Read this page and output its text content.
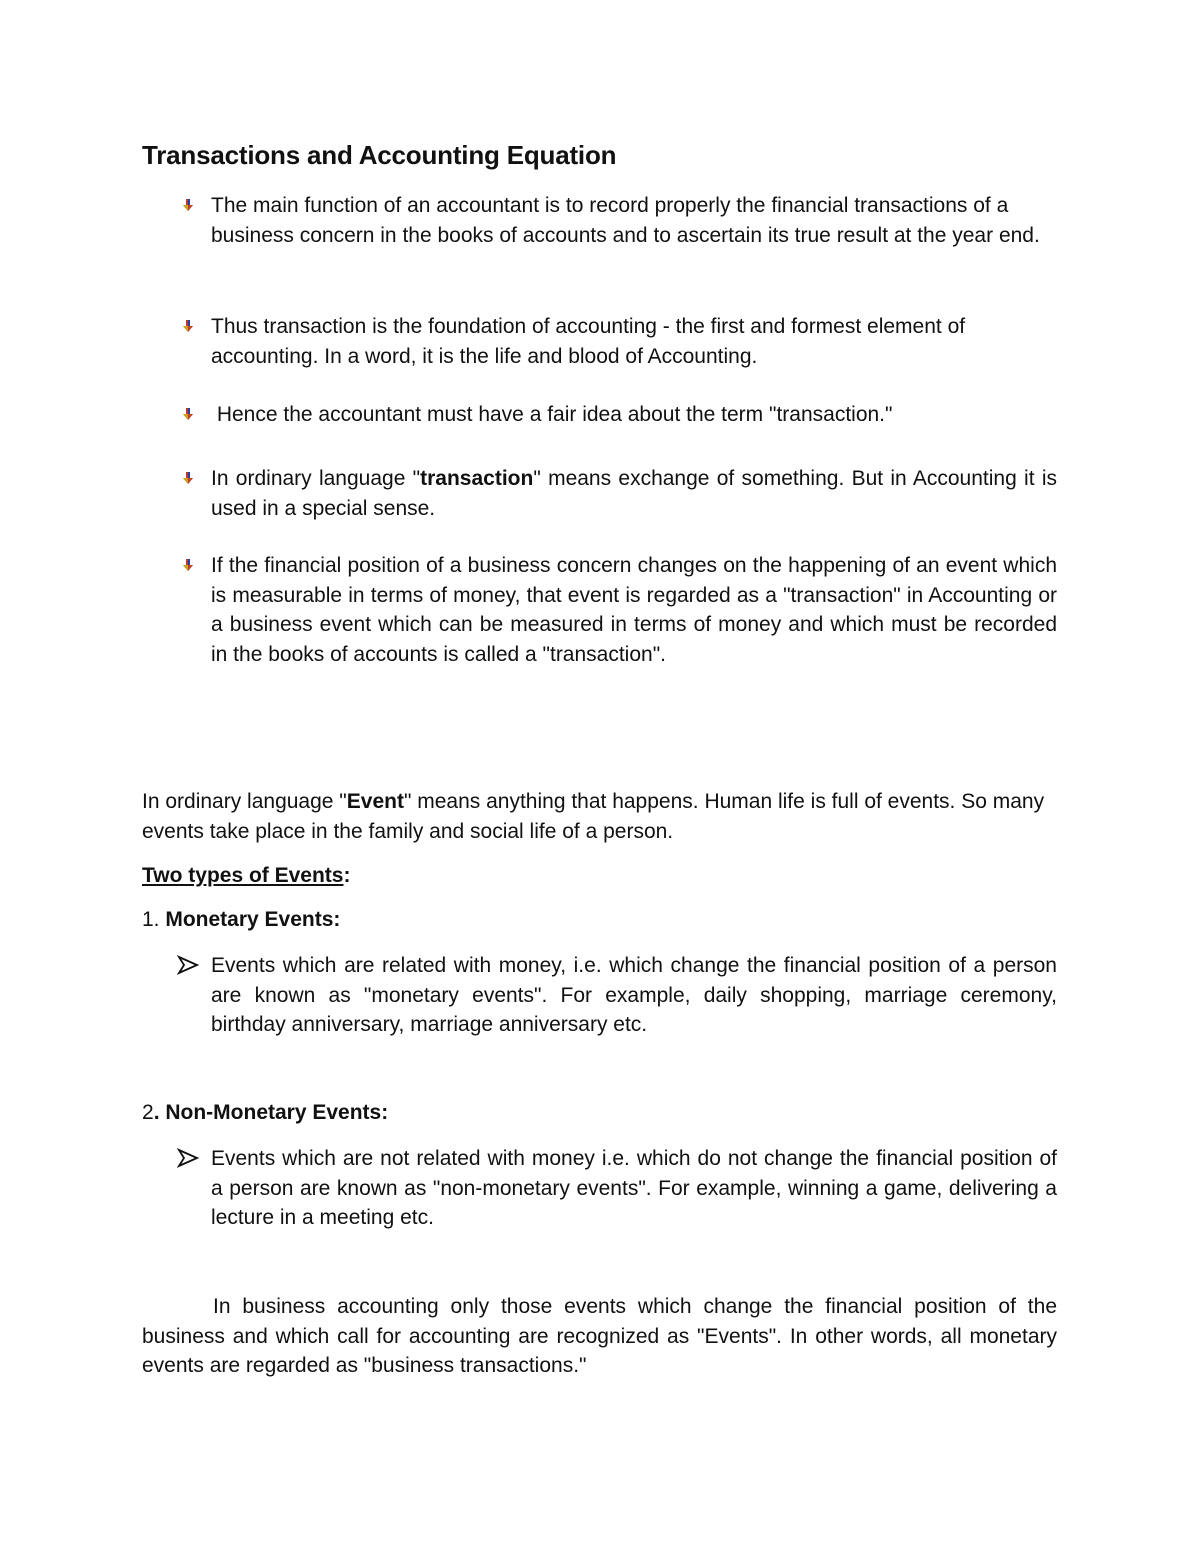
Transactions and Accounting Equation

The main function of an accountant is to record properly the financial transactions of a business concern in the books of accounts and to ascertain its true result at the year end.

Thus transaction is the foundation of accounting - the first and formest element of accounting. In a word, it is the life and blood of Accounting.

Hence the accountant must have a fair idea about the term "transaction."

In ordinary language "transaction" means exchange of something. But in Accounting it is used in a special sense.

If the financial position of a business concern changes on the happening of an event which is measurable in terms of money, that event is regarded as a "transaction" in Accounting or a business event which can be measured in terms of money and which must be recorded in the books of accounts is called a "transaction".

In ordinary language "Event" means anything that happens. Human life is full of events. So many events take place in the family and social life of a person.

Two types of Events:

1. Monetary Events:

Events which are related with money, i.e. which change the financial position of a person are known as "monetary events". For example, daily shopping, marriage ceremony, birthday anniversary, marriage anniversary etc.

2. Non-Monetary Events:

Events which are not related with money i.e. which do not change the financial position of a person are known as "non-monetary events". For example, winning a game, delivering a lecture in a meeting etc.

In business accounting only those events which change the financial position of the business and which call for accounting are recognized as "Events". In other words, all monetary events are regarded as "business transactions."
